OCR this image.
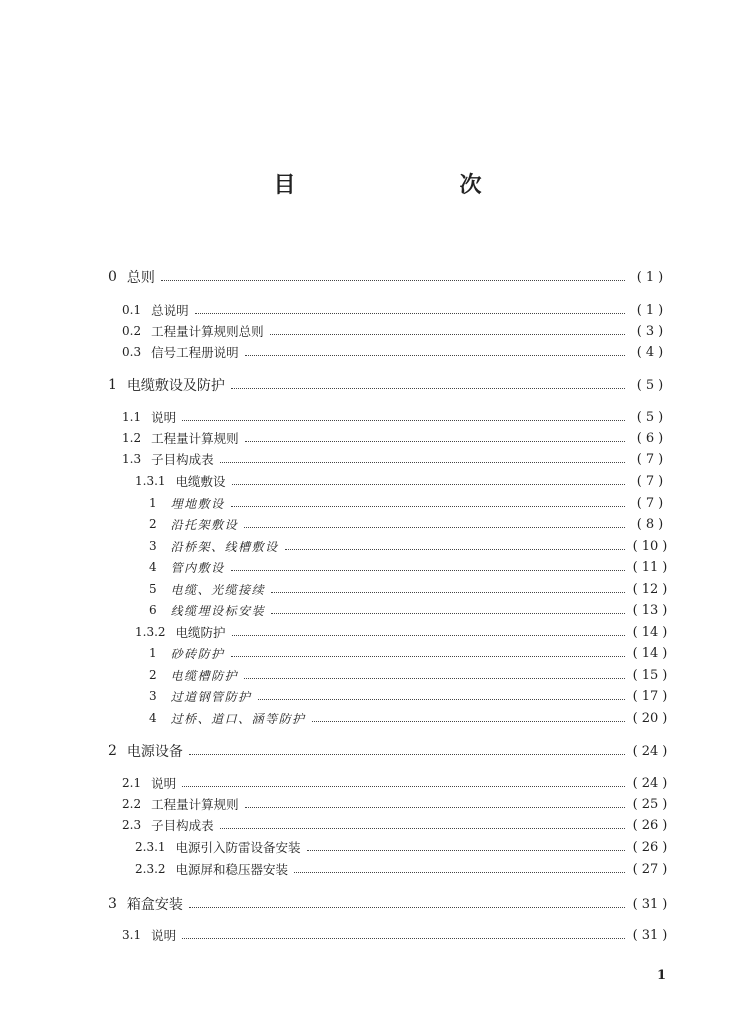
目　　次
0 总则	( 1 )
0.1 总说明	( 1 )
0.2 工程量计算规则总则	( 3 )
0.3 信号工程册说明	( 4 )
1 电缆敷设及防护	( 5 )
1.1 说明	( 5 )
1.2 工程量计算规则	( 6 )
1.3 子目构成表	( 7 )
1.3.1 电缆敷设	( 7 )
1 埋地敷设	( 7 )
2 沿托架敷设	( 8 )
3 沿桥架、线槽敷设	( 10 )
4 管内敷设	( 11 )
5 电缆、光缆接续	( 12 )
6 线缆埋设标安装	( 13 )
1.3.2 电缆防护	( 14 )
1 砂砖防护	( 14 )
2 电缆槽防护	( 15 )
3 过道钢管防护	( 17 )
4 过桥、道口、涵等防护	( 20 )
2 电源设备	( 24 )
2.1 说明	( 24 )
2.2 工程量计算规则	( 25 )
2.3 子目构成表	( 26 )
2.3.1 电源引入防雷设备安装	( 26 )
2.3.2 电源屏和稳压器安装	( 27 )
3 箱盒安装	( 31 )
3.1 说明	( 31 )
1
